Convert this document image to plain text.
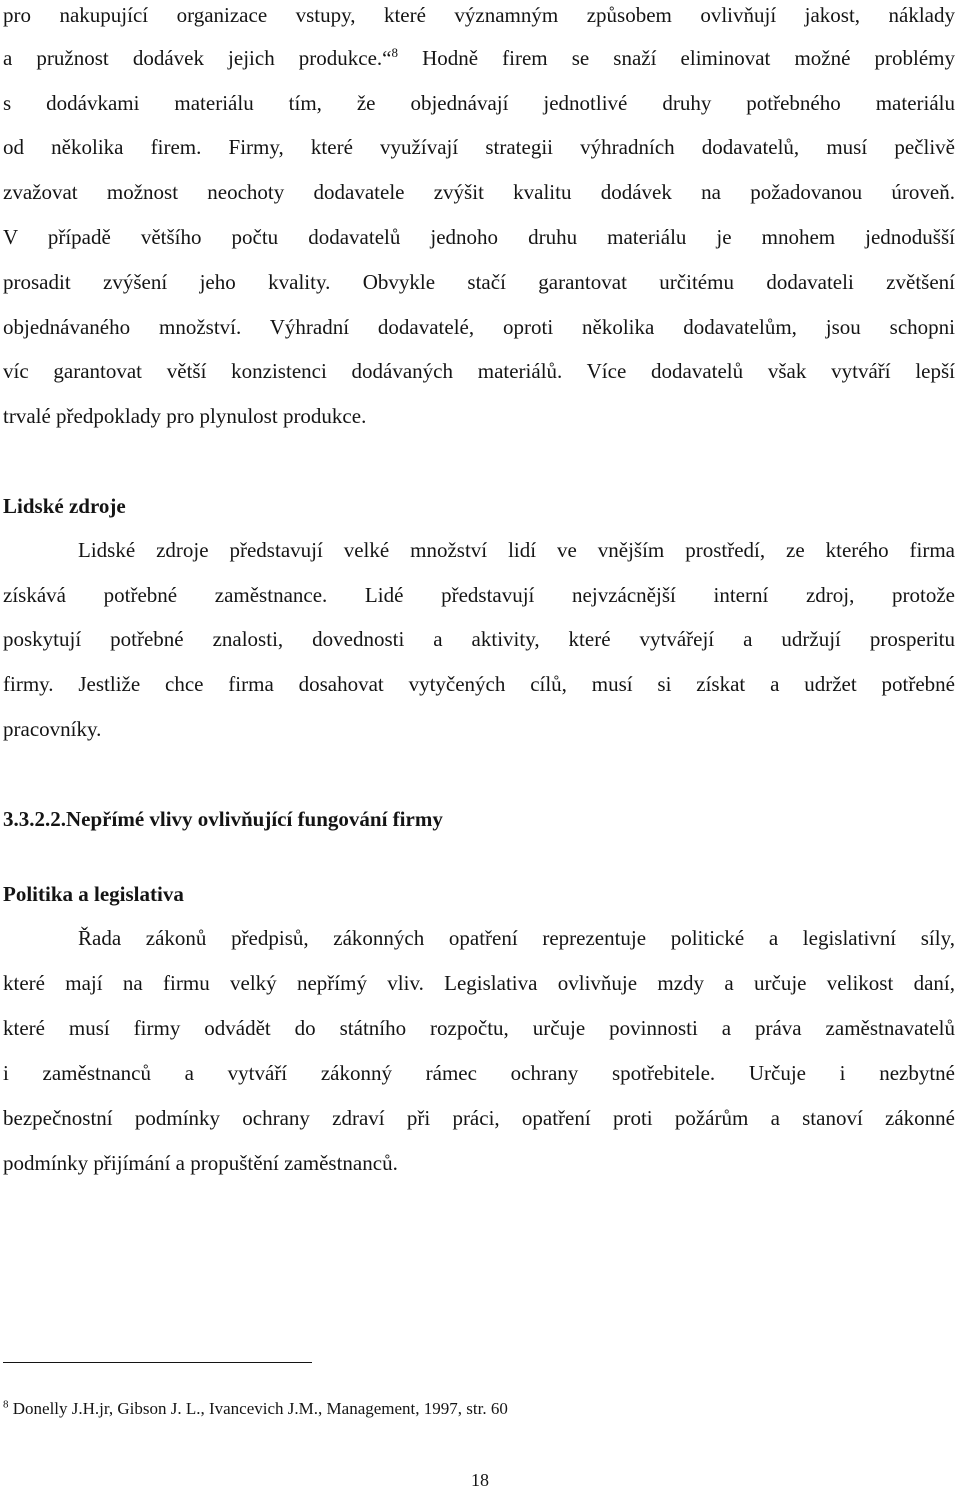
pro nakupující organizace vstupy, které významným způsobem ovlivňují jakost, náklady
a pružnost dodávek jejich produkce.“$^8$ Hodně firem se snaží eliminovat možné problémy
s dodávkami materiálu tím, že objednávají jednotlivé druhy potřebného materiálu
od několika firem. Firmy, které využívají strategii výhradních dodavatelů, musí pečlivě
zvažovat možnost neochoty dodavatele zvýšit kvalitu dodávek na požadovanou úroveň.
V případě většího počtu dodavatelů jednoho druhu materiálu je mnohem jednodušší
prosadit zvýšení jeho kvality. Obvykle stačí garantovat určitému dodavateli zvětšení
objednávaného množství. Výhradní dodavatelé, oproti několika dodavatelům, jsou schopni
víc garantovat větší konzistenci dodávaných materiálů. Více dodavatelů však vytváří lepší
trvalé předpoklady pro plynulost produkce.
Lidské zdroje
Lidské zdroje představují velké množství lidí ve vnějším prostředí, ze kterého firma
získává potřebné zaměstnance. Lidé představují nejvzácnější interní zdroj, protože
poskytují potřebné znalosti, dovednosti a aktivity, které vytvářejí a udržují prosperitu
firmy. Jestliže chce firma dosahovat vytyčených cílů, musí si získat a udržet potřebné
pracovníky.
3.3.2.2.Nepřímé vlivy ovlivňující fungování firmy
Politika a legislativa
Řada zákonů předpisů, zákonných opatření reprezentuje politické a legislativní síly,
které mají na firmu velký nepřímý vliv. Legislativa ovlivňuje mzdy a určuje velikost daní,
které musí firmy odvádět do státního rozpočtu, určuje povinnosti a práva zaměstnavatelů
i zaměstnanců a vytváří zákonný rámec ochrany spotřebitele. Určuje i nezbytné
bezpečnostní podmínky ochrany zdraví při práci, opatření proti požárům a stanoví zákonné
podmínky přijímání a propuštění zaměstnanců.
$^8$ Donelly J.H.jr, Gibson J. L., Ivancevich J.M., Management, 1997, str. 60
18
